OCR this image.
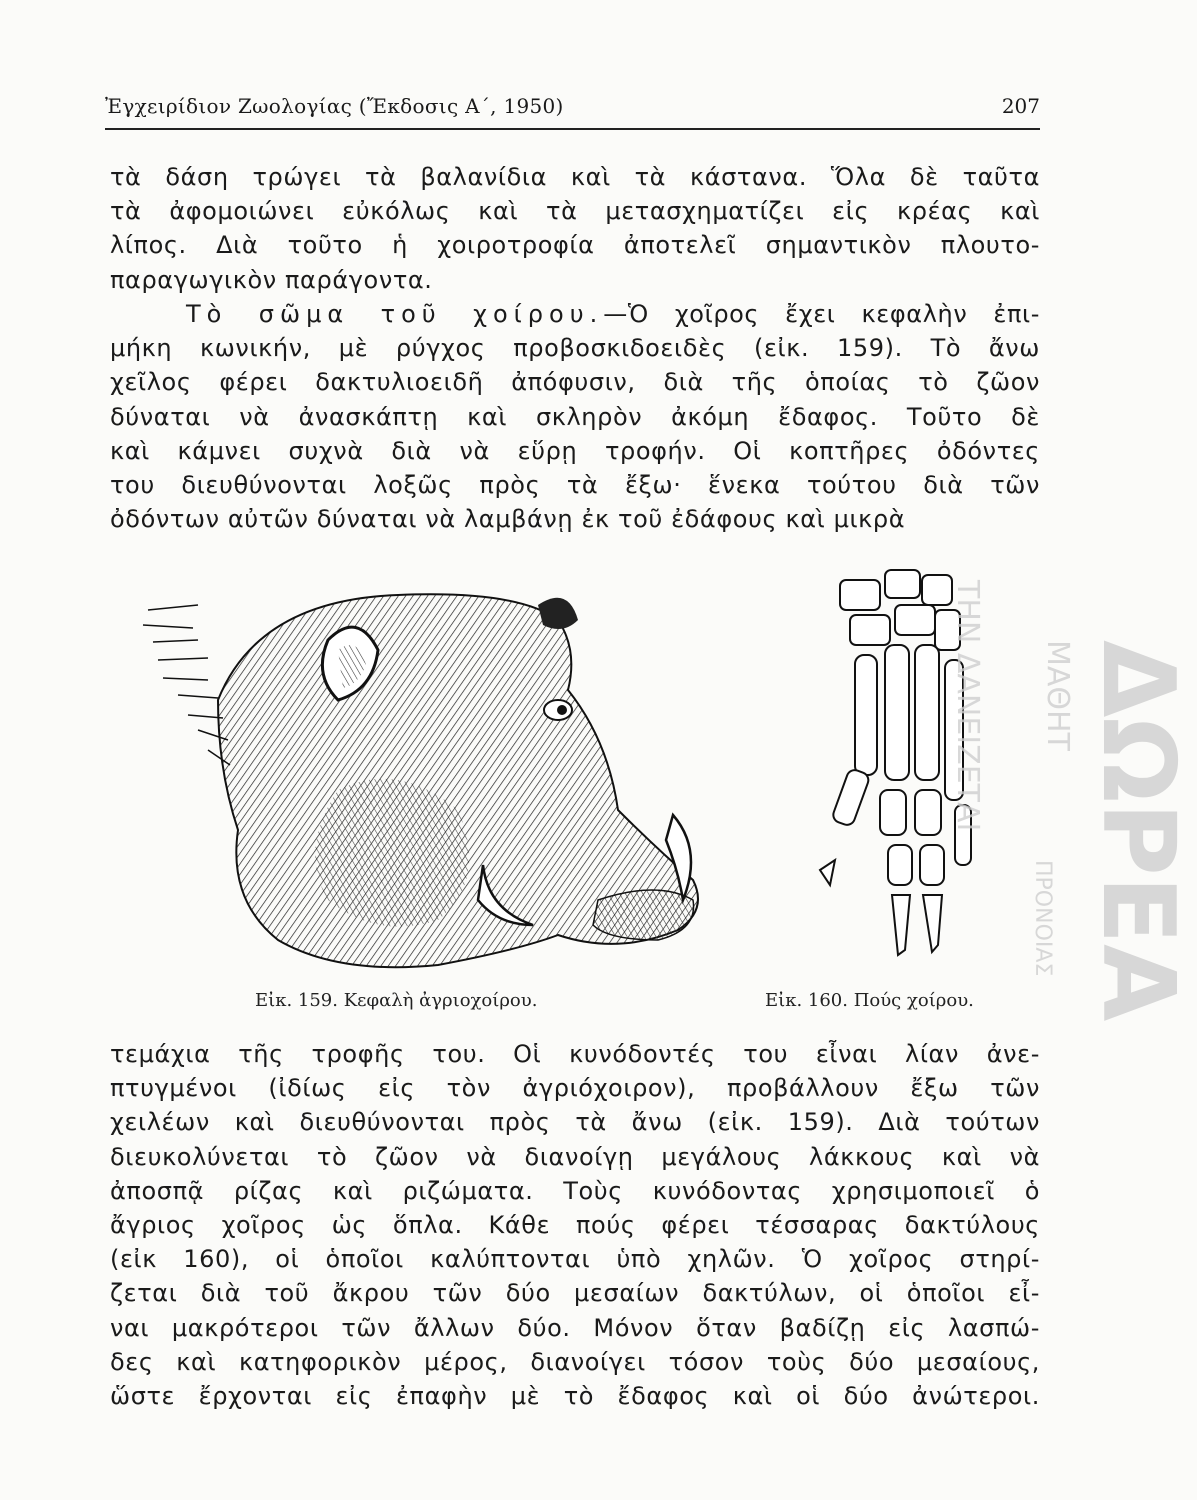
Ἐγχειρίδιον Ζωολογίας (Ἔκδοσις Α΄, 1950)	207

τὰ δάση τρώγει τὰ βαλανίδια καὶ τὰ κάστανα. Ὅλα δὲ ταῦτα
τὰ ἀφομοιώνει εὐκόλως καὶ τὰ μετασχηματίζει εἰς κρέας καὶ
λίπος. Διὰ τοῦτο ἡ χοιροτροφία ἀποτελεῖ σημαντικὸν πλουτο-
παραγωγικὸν παράγοντα.

Τὸ σῶμα τοῦ χοίρου.—Ὁ χοῖρος ἔχει κεφαλὴν ἐπι-
μήκη κωνικήν, μὲ ρύγχος προβοσκιδοειδὲς (εἰκ. 159). Τὸ ἄνω
χεῖλος φέρει δακτυλιοειδῆ ἀπόφυσιν, διὰ τῆς ὁποίας τὸ ζῶον
δύναται νὰ ἀνασκάπτῃ καὶ σκληρὸν ἀκόμη ἔδαφος. Τοῦτο δὲ
καὶ κάμνει συχνὰ διὰ νὰ εὕρῃ τροφήν. Οἱ κοπτῆρες ὀδόντες
του διευθύνονται λοξῶς πρὸς τὰ ἔξω· ἕνεκα τούτου διὰ τῶν
ὀδόντων αὐτῶν δύναται νὰ λαμβάνῃ ἐκ τοῦ ἐδάφους καὶ μικρὰ

Εἰκ. 159. Κεφαλὴ ἀγριοχοίρου.	Εἰκ. 160. Πούς χοίρου. ΔΩΡΕΑ
ΤΗΝ ΔΑΝΕΙΖΕΤΑΙ ΜΑΘΗΤ
ΠΡΟΝΟΙΑΣ

τεμάχια τῆς τροφῆς του. Οἱ κυνόδοντές του εἶναι λίαν ἀνε-
πτυγμένοι (ἰδίως εἰς τὸν ἀγριόχοιρον), προβάλλουν ἔξω τῶν
χειλέων καὶ διευθύνονται πρὸς τὰ ἄνω (εἰκ. 159). Διὰ τούτων
διευκολύνεται τὸ ζῶον νὰ διανοίγῃ μεγάλους λάκκους καὶ νὰ
ἀποσπᾷ ρίζας καὶ ριζώματα. Τοὺς κυνόδοντας χρησιμοποιεῖ ὁ
ἄγριος χοῖρος ὡς ὅπλα. Κάθε πούς φέρει τέσσαρας δακτύλους
(εἰκ 160), οἱ ὁποῖοι καλύπτονται ὑπὸ χηλῶν. Ὁ χοῖρος στηρί-
ζεται διὰ τοῦ ἄκρου τῶν δύο μεσαίων δακτύλων, οἱ ὁποῖοι εἶ-
ναι μακρότεροι τῶν ἄλλων δύο. Μόνον ὅταν βαδίζῃ εἰς λασπώ-
δες καὶ κατηφορικὸν μέρος, διανοίγει τόσον τοὺς δύο μεσαίους,
ὥστε ἔρχονται εἰς ἐπαφὴν μὲ τὸ ἔδαφος καὶ οἱ δύο ἀνώτεροι.
